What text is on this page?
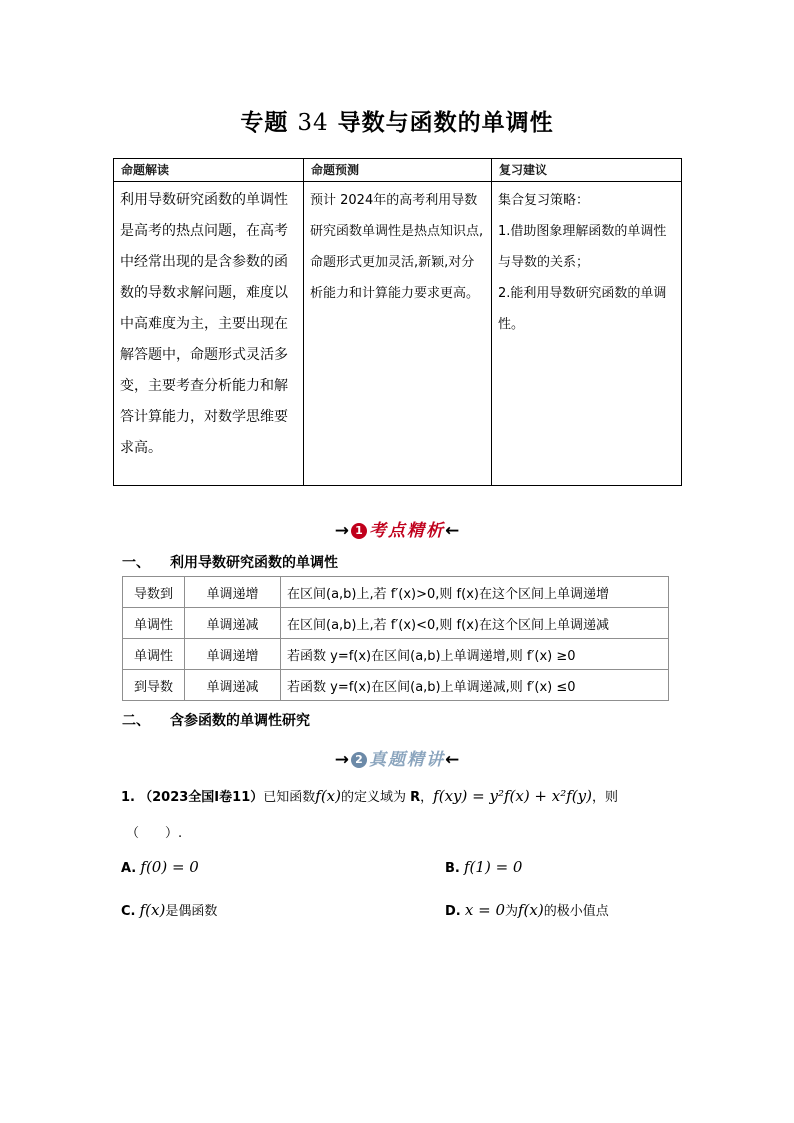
专题 34 导数与函数的单调性
命题解读	命题预测	复习建议
利用导数研究函数的单调性是高考的热点问题，在高考中经常出现的是含参数的函数的导数求解问题，难度以中高难度为主，主要出现在解答题中，命题形式灵活多变，主要考查分析能力和解答计算能力，对数学思维要求高。	预计 2024年的高考利用导数研究函数单调性是热点知识点,命题形式更加灵活,新颖,对分析能力和计算能力要求更高。	集合复习策略：

1.借助图象理解函数的单调性与导数的关系；

2.能利用导数研究函数的单调性。

→ 1 考点精析←
一、 利用导数研究函数的单调性
导数到	单调递增	在区间(a,b)上,若 f′(x)>0,则 f(x)在这个区间上单调递增
单调性	单调递减	在区间(a,b)上,若 f′(x)<0,则 f(x)在这个区间上单调递减
单调性	单调递增	若函数 y=f(x)在区间(a,b)上单调递增,则 f′(x) ≥0
到导数	单调递减	若函数 y=f(x)在区间(a,b)上单调递减,则 f′(x) ≤0
二、 含参函数的单调性研究
→ 2 真题精讲←
1. （2023全国Ⅰ卷11）已知函数f(x)的定义域为 R，f(xy) = y²f(x) + x²f(y)，则
（　　）.
A. f(0) = 0	B. f(1) = 0
C. f(x)是偶函数	D. x = 0为f(x)的极小值点
